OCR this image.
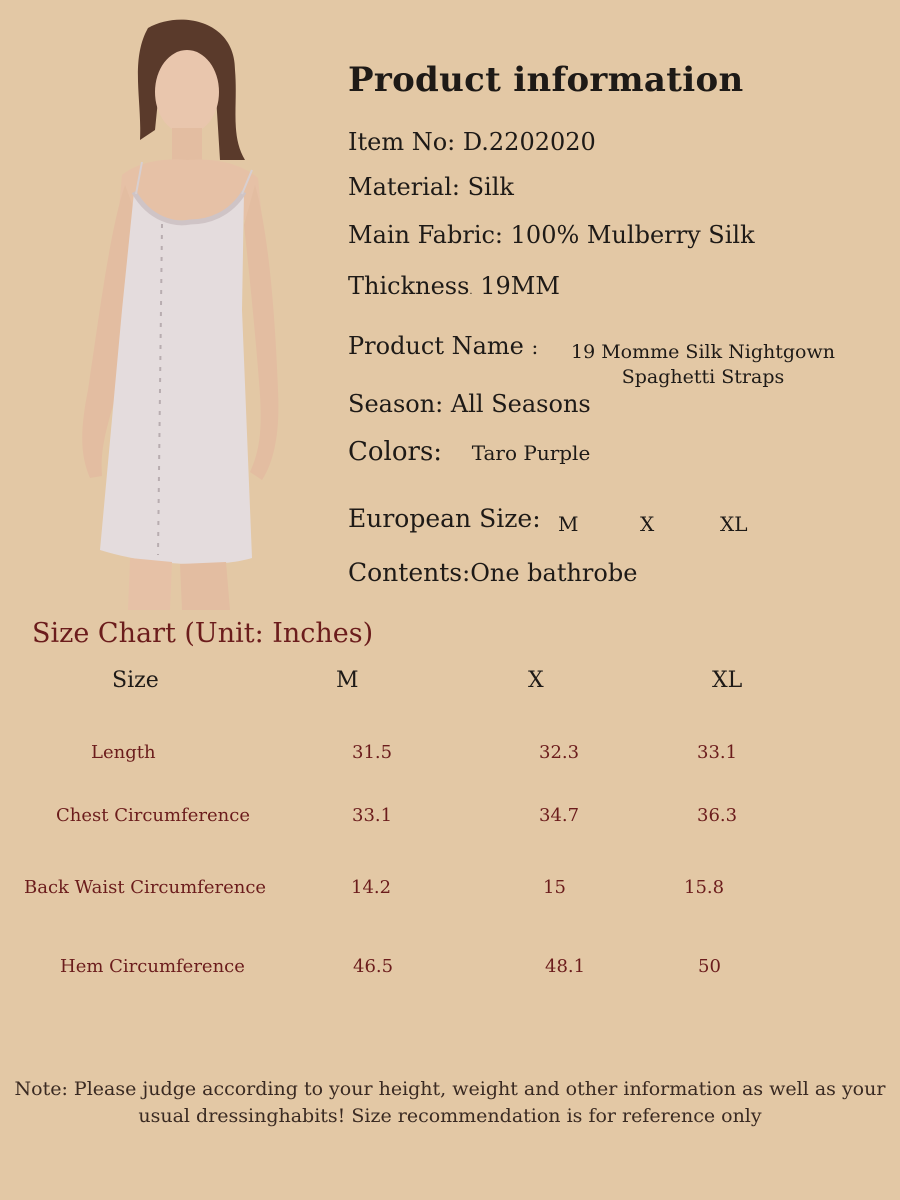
Product information
Item No: D.2202020
Material: Silk
Main Fabric: 100% Mulberry Silk
Thickness. 19MM
Product Name :	19 Momme Silk Nightgown Spaghetti Straps
Season: All Seasons
Colors: Taro Purple
European Size: M	X	XL
Contents:One bathrobe
Size Chart (Unit: Inches)
Size	M	X	XL
Length	31.5	32.3	33.1
Chest Circumference	33.1	34.7	36.3
Back Waist Circumference	14.2	15	15.8
Hem Circumference	46.5	48.1	50
Note: Please judge according to your height, weight and other information as well as your
usual dressinghabits! Size recommendation is for reference only
